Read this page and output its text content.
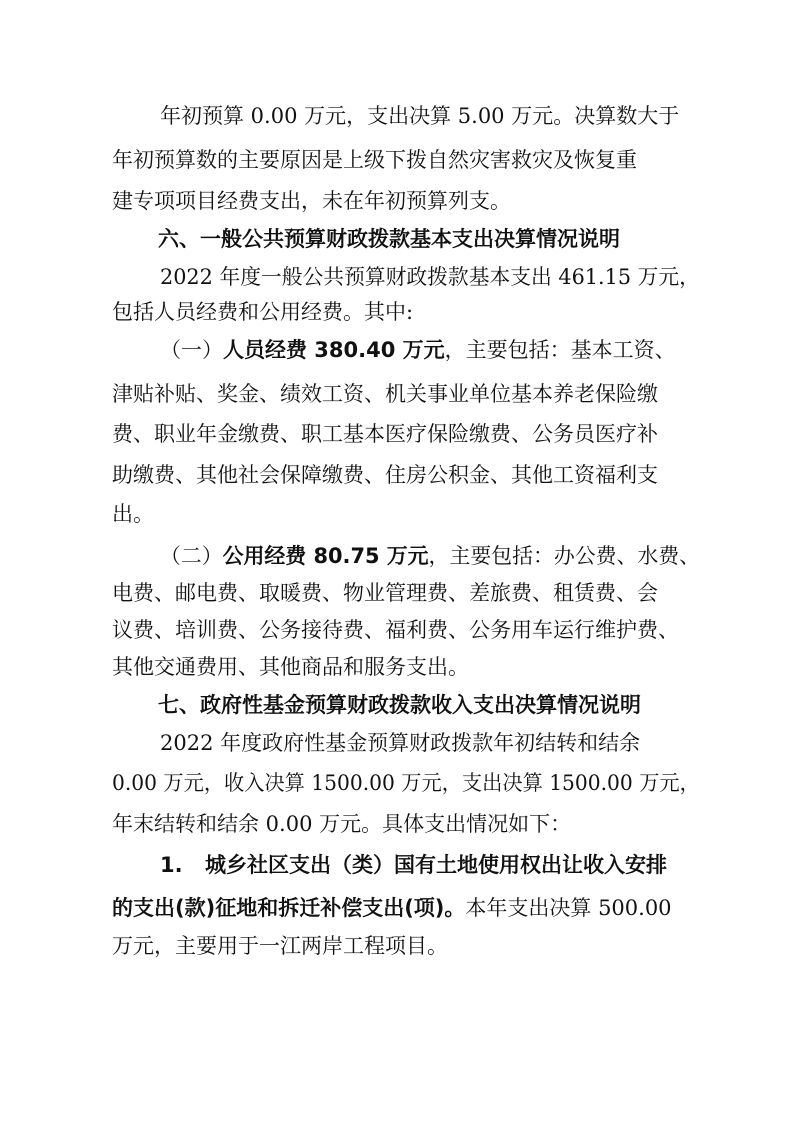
年初预算 0.00 万元，支出决算 5.00 万元。决算数大于
年初预算数的主要原因是上级下拨自然灾害救灾及恢复重
建专项项目经费支出，未在年初预算列支。
六、一般公共预算财政拨款基本支出决算情况说明
2022 年度一般公共预算财政拨款基本支出 461.15 万元，
包括人员经费和公用经费。其中:
（一）人员经费 380.40 万元，主要包括：基本工资、
津贴补贴、奖金、绩效工资、机关事业单位基本养老保险缴
费、职业年金缴费、职工基本医疗保险缴费、公务员医疗补
助缴费、其他社会保障缴费、住房公积金、其他工资福利支
出。
（二）公用经费 80.75 万元，主要包括：办公费、水费、
电费、邮电费、取暖费、物业管理费、差旅费、租赁费、会
议费、培训费、公务接待费、福利费、公务用车运行维护费、
其他交通费用、其他商品和服务支出。
七、政府性基金预算财政拨款收入支出决算情况说明
2022 年度政府性基金预算财政拨款年初结转和结余
0.00 万元，收入决算 1500.00 万元，支出决算 1500.00 万元，
年末结转和结余 0.00 万元。具体支出情况如下：
1. 城乡社区支出（类）国有土地使用权出让收入安排
的支出(款)征地和拆迁补偿支出(项)。本年支出决算 500.00
万元，主要用于一江两岸工程项目。
